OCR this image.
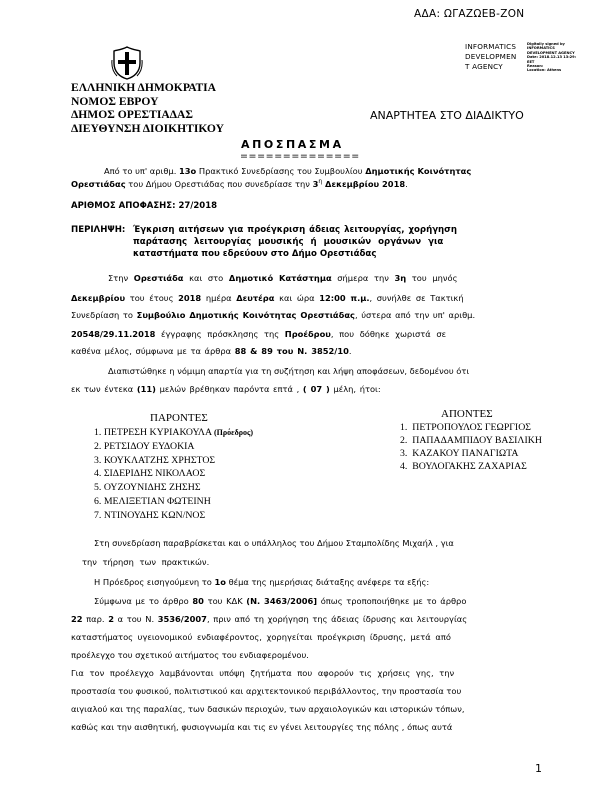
ΑΔΑ: ΩΓΑΖΩΕΒ-ΖΟΝ
INFORMATICS
DEVELOPMEN
T AGENCY
Digitally signed by
INFORMATICS
DEVELOPMENT AGENCY
Date: 2018.12.13 13:29:
EET
Reason:
Location: Athens
ΕΛΛΗΝΙΚΗ ΔΗΜΟΚΡΑΤΙΑ
ΝΟΜΟΣ ΕΒΡΟΥ
ΔΗΜΟΣ ΟΡΕΣΤΙΑΔΑΣ
ΔΙΕΥΘΥΝΣΗ ΔΙΟΙΚΗΤΙΚΟΥ
ΑΝΑΡΤΗΤΕΑ ΣΤΟ ΔΙΑΔΙΚΤΥΟ
ΑΠΟΣΠΑΣΜΑ
==============
Από το υπ' αριθμ. 13ο Πρακτικό Συνεδρίασης του Συμβουλίου Δημοτικής Κοινότητας
Ορεστιάδας του Δήμου Ορεστιάδας που συνεδρίασε την $3^\eta$ Δεκεμβρίου 2018.
ΑΡΙΘΜΟΣ ΑΠΟΦΑΣΗΣ: 27/2018
ΠΕΡΙΛΗΨΗ: Έγκριση αιτήσεων για προέγκριση άδειας λειτουργίας, χορήγηση
παράτασης λειτουργίας μουσικής ή μουσικών οργάνων για
καταστήματα που εδρεύουν στο Δήμο Ορεστιάδας
Στην Ορεστιάδα και στο Δημοτικό Κατάστημα σήμερα την 3η του μηνός
Δεκεμβρίου του έτους 2018 ημέρα Δευτέρα και ώρα 12:00 π.μ., συνήλθε σε Τακτική
Συνεδρίαση το Συμβούλιο Δημοτικής Κοινότητας Ορεστιάδας, ύστερα από την υπ' αριθμ.
20548/29.11.2018 έγγραφης πρόσκλησης της Προέδρου, που δόθηκε χωριστά σε
καθένα μέλος, σύμφωνα με τα άρθρα 88 & 89 του Ν. 3852/10.
Διαπιστώθηκε η νόμιμη απαρτία για τη συζήτηση και λήψη αποφάσεων, δεδομένου ότι
εκ των έντεκα (11) μελών βρέθηκαν παρόντα επτά , ( 07 ) μέλη, ήτοι:
ΠΑΡΟΝΤΕΣ
1. ΠΕΤΡΕΣΗ ΚΥΡΙΑΚΟΥΛΑ (Πρόεδρος)
2. ΡΕΤΣΙΔΟΥ ΕΥΔΟΚΙΑ
3. ΚΟΥΚΛΑΤΖΗΣ ΧΡΗΣΤΟΣ
4. ΣΙΔΕΡΙΔΗΣ ΝΙΚΟΛΑΟΣ
5. ΟΥΖΟΥΝΙΔΗΣ ΖΗΣΗΣ
6. ΜΕΛΙΞΕΤΙΑΝ ΦΩΤΕΙΝΗ
7. ΝΤΙΝΟΥΔΗΣ ΚΩΝ/ΝΟΣ
ΑΠΟΝΤΕΣ
1. ΠΕΤΡΟΠΟΥΛΟΣ ΓΕΩΡΓΙΟΣ
2. ΠΑΠΑΔΑΜΠΙΔΟΥ ΒΑΣΙΛΙΚΗ
3. ΚΑΖΑΚΟΥ ΠΑΝΑΓΙΩΤΑ
4. ΒΟΥΛΟΓΑΚΗΣ ΖΑΧΑΡΙΑΣ
Στη συνεδρίαση παραβρίσκεται και ο υπάλληλος του Δήμου Σταμπολίδης Μιχαήλ , για
την τήρηση των πρακτικών.
Η Πρόεδρος εισηγούμενη το 1ο θέμα της ημερήσιας διάταξης ανέφερε τα εξής:
Σύμφωνα με το άρθρο 80 του ΚΔΚ (Ν. 3463/2006] όπως τροποποιήθηκε με το άρθρο
22 παρ. 2 α του Ν. 3536/2007, πριν από τη χορήγηση της άδειας ίδρυσης και λειτουργίας
καταστήματος υγειονομικού ενδιαφέροντος, χορηγείται προέγκριση ίδρυσης, μετά από
προέλεγχο του σχετικού αιτήματος του ενδιαφερομένου.
Για τον προέλεγχο λαμβάνονται υπόψη ζητήματα που αφορούν τις χρήσεις γης, την
προστασία του φυσικού, πολιτιστικού και αρχιτεκτονικού περιβάλλοντος, την προστασία του
αιγιαλού και της παραλίας, των δασικών περιοχών, των αρχαιολογικών και ιστορικών τόπων,
καθώς και την αισθητική, φυσιογνωμία και τις εν γένει λειτουργίες της πόλης , όπως αυτά
1
